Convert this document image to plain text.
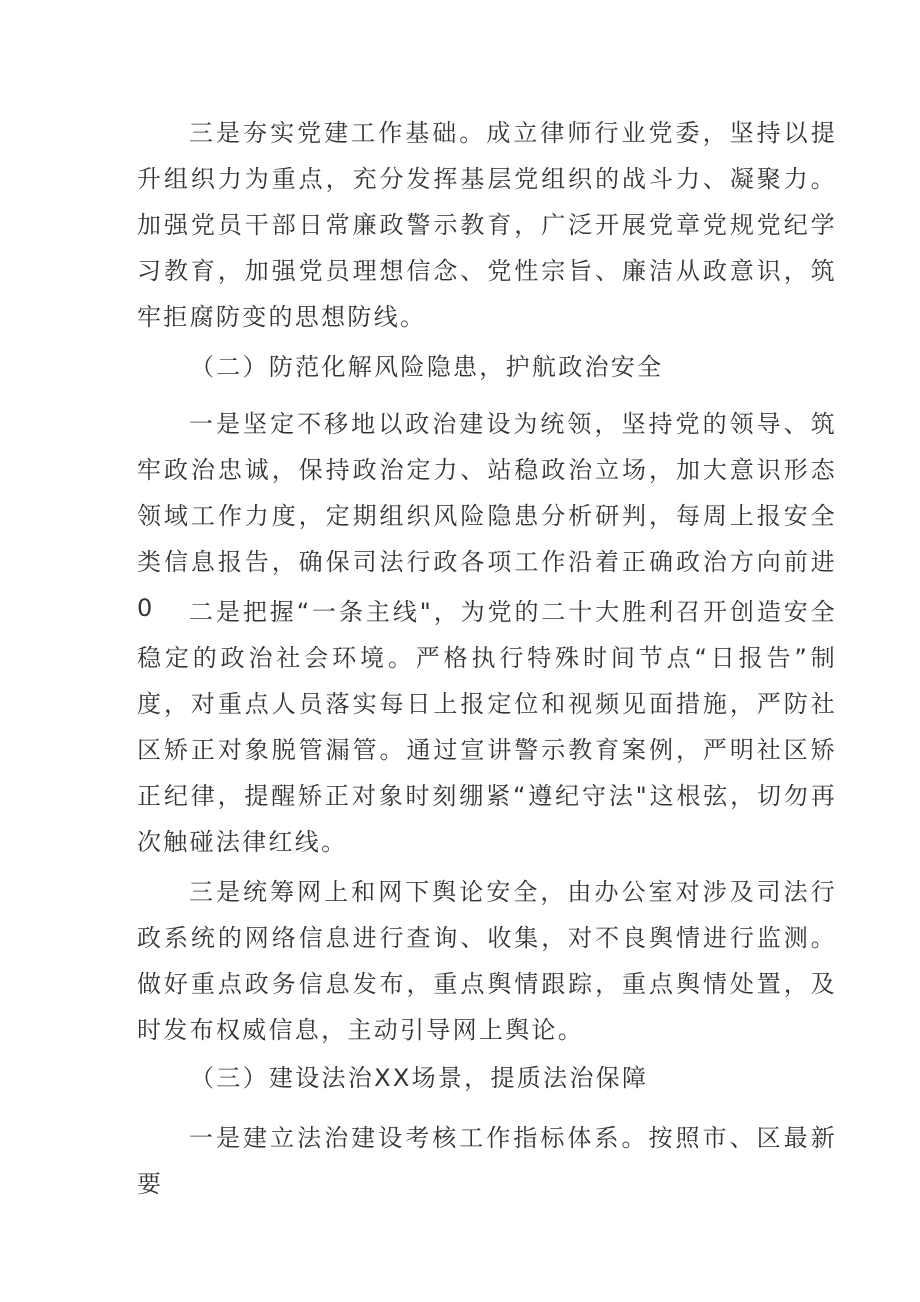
三是夯实党建工作基础。成立律师行业党委，坚持以提升组织力为重点，充分发挥基层党组织的战斗力、凝聚力。加强党员干部日常廉政警示教育，广泛开展党章党规党纪学习教育，加强党员理想信念、党性宗旨、廉洁从政意识，筑牢拒腐防变的思想防线。

（二）防范化解风险隐患，护航政治安全

一是坚定不移地以政治建设为统领，坚持党的领导、筑牢政治忠诚，保持政治定力、站稳政治立场，加大意识形态领域工作力度，定期组织风险隐患分析研判，每周上报安全类信息报告，确保司法行政各项工作沿着正确政治方向前进0	二是把握“一条主线"，为党的二十大胜利召开创造安全稳定的政治社会环境。严格执行特殊时间节点“日报告”制度，对重点人员落实每日上报定位和视频见面措施，严防社区矫正对象脱管漏管。通过宣讲警示教育案例，严明社区矫正纪律，提醒矫正对象时刻绷紧“遵纪守法"这根弦，切勿再次触碰法律红线。

三是统筹网上和网下舆论安全，由办公室对涉及司法行政系统的网络信息进行查询、收集，对不良舆情进行监测。做好重点政务信息发布，重点舆情跟踪，重点舆情处置，及时发布权威信息，主动引导网上舆论。

（三）建设法治XX场景，提质法治保障

一是建立法治建设考核工作指标体系。按照市、区最新要
